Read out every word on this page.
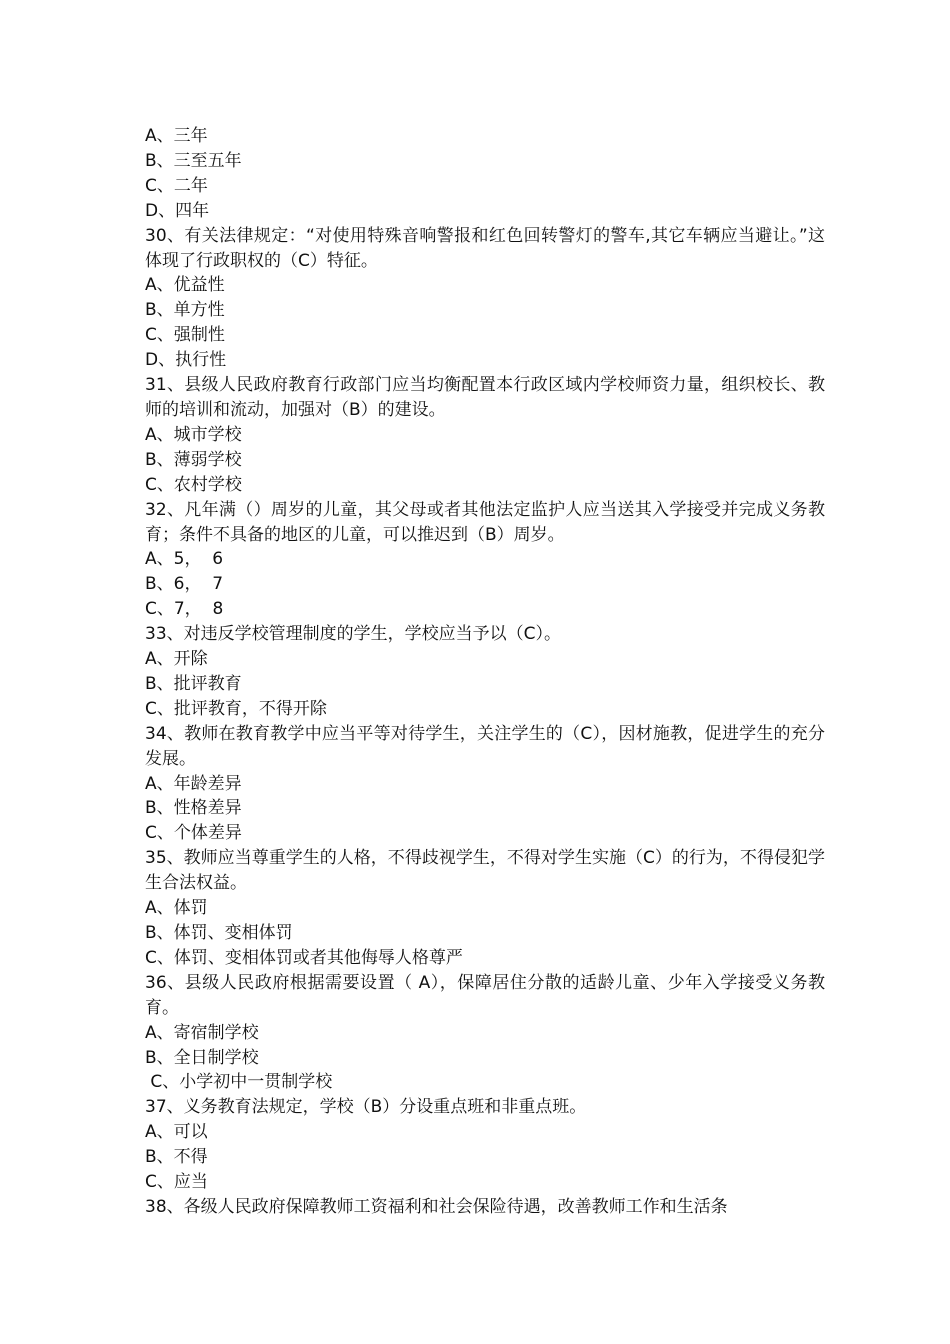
A、三年
B、三至五年
C、二年
D、四年
30、有关法律规定：“对使用特殊音响警报和红色回转警灯的警车,其它车辆应当避让。”这体现了行政职权的（C）特征。
A、优益性
B、单方性
C、强制性
D、执行性
31、县级人民政府教育行政部门应当均衡配置本行政区域内学校师资力量，组织校长、教师的培训和流动，加强对（B）的建设。
A、城市学校
B、薄弱学校
C、农村学校
32、凡年满（）周岁的儿童，其父母或者其他法定监护人应当送其入学接受并完成义务教育；条件不具备的地区的儿童，可以推迟到（B）周岁。
A、5，  6
B、6，  7
C、7，  8
33、对违反学校管理制度的学生，学校应当予以（C）。
A、开除
B、批评教育
C、批评教育，不得开除
34、教师在教育教学中应当平等对待学生，关注学生的（C），因材施教，促进学生的充分发展。
A、年龄差异
B、性格差异
C、个体差异
35、教师应当尊重学生的人格，不得歧视学生，不得对学生实施（C）的行为，不得侵犯学生合法权益。
A、体罚
B、体罚、变相体罚
C、体罚、变相体罚或者其他侮辱人格尊严
36、县级人民政府根据需要设置（ A），保障居住分散的适龄儿童、少年入学接受义务教育。
A、寄宿制学校
B、全日制学校
C、小学初中一贯制学校
37、义务教育法规定，学校（B）分设重点班和非重点班。
A、可以
B、不得
C、应当
38、各级人民政府保障教师工资福利和社会保险待遇，改善教师工作和生活条
